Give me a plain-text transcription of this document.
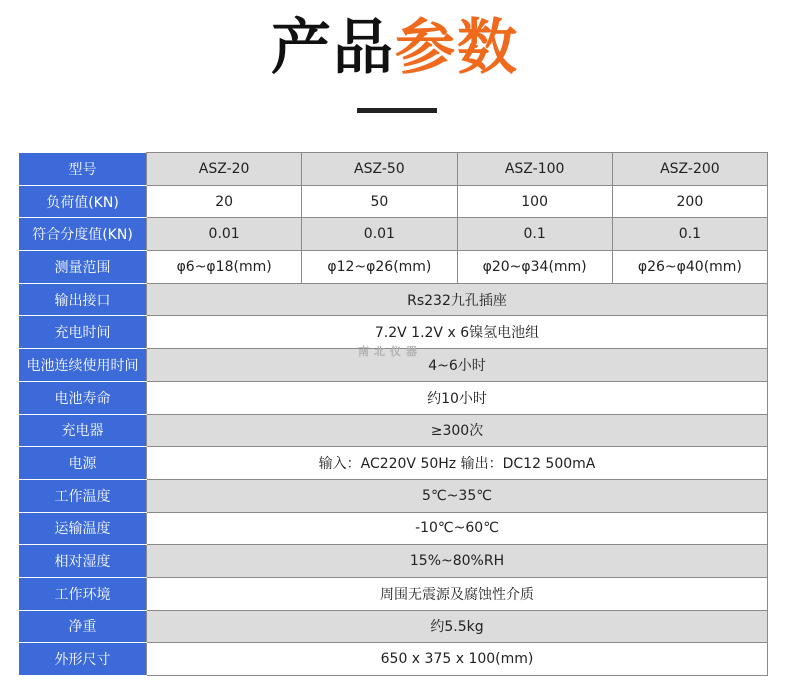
产品参数
型号	ASZ-20	ASZ-50	ASZ-100	ASZ-200
负荷值(KN)	20	50	100	200
符合分度值(KN)	0.01	0.01	0.1	0.1
测量范围	φ6~φ18(mm)	φ12~φ26(mm)	φ20~φ34(mm)	φ26~φ40(mm)
输出接口	Rs232九孔插座			
充电时间	7.2V 1.2V x 6镍氢电池组			
电池连续使用时间	4~6小时			
电池寿命	约10小时			
充电器	≥300次			
电源	输入：AC220V 50Hz 输出：DC12 500mA			
工作温度	5℃~35℃			
运输温度	-10℃~60℃			
相对湿度	15%~80%RH			
工作环境	周围无震源及腐蚀性介质			
净重	约5.5kg			
外形尺寸	650 x 375 x 100(mm)			
南北仪器
